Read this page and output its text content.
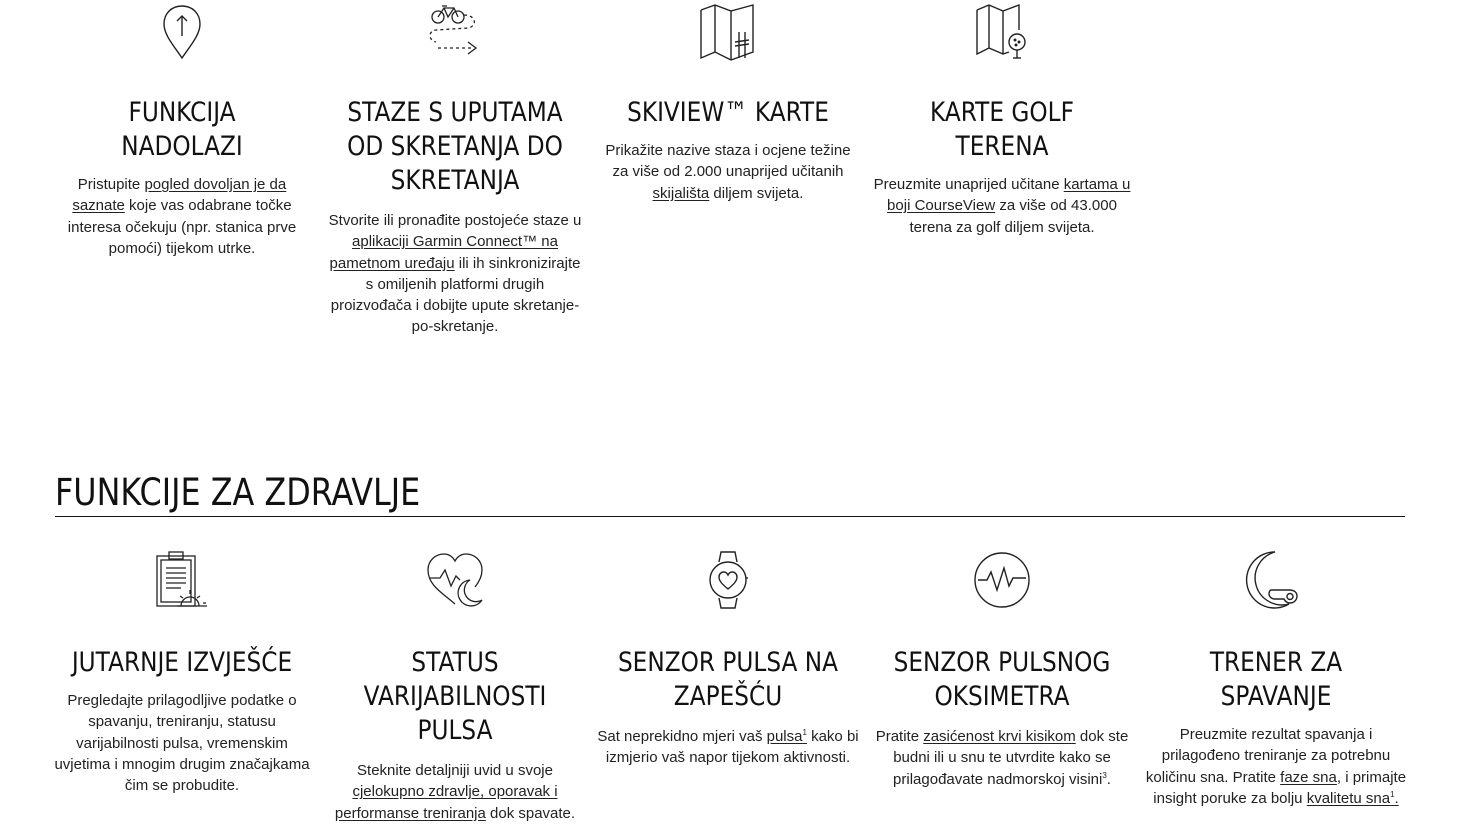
FUNKCIJA NADOLAZI

Pristupite pogled dovoljan je da saznate koje vas odabrane točke interesa očekuju (npr. stanica prve pomoći) tijekom utrke.

STAZE S UPUTAMA OD SKRETANJA DO SKRETANJA

Stvorite ili pronađite postojeće staze u aplikaciji Garmin Connect™ na pametnom uređaju ili ih sinkronizirajte s omiljenih platformi drugih proizvođača i dobijte upute skretanje-po-skretanje.

SKIVIEW™ KARTE

Prikažite nazive staza i ocjene težine za više od 2.000 unaprijed učitanih skijališta diljem svijeta.

KARTE GOLF TERENA

Preuzmite unaprijed učitane kartama u boji CourseView za više od 43.000 terena za golf diljem svijeta.

FUNKCIJE ZA ZDRAVLJE
JUTARNJE IZVJEŠĆE

Pregledajte prilagodljive podatke o spavanju, treniranju, statusu varijabilnosti pulsa, vremenskim uvjetima i mnogim drugim značajkama čim se probudite.

STATUS VARIJABILNOSTI PULSA

Steknite detaljniji uvid u svoje cjelokupno zdravlje, oporavak i performanse treniranja dok spavate.

SENZOR PULSA NA ZAPEŠĆU

Sat neprekidno mjeri vaš pulsa$^1$ kako bi izmjerio vaš napor tijekom aktivnosti.

SENZOR PULSNOG OKSIMETRA

Pratite zasićenost krvi kisikom dok ste budni ili u snu te utvrdite kako se prilagođavate nadmorskoj visini$^3$.

TRENER ZA SPAVANJE

Preuzmite rezultat spavanja i prilagođeno treniranje za potrebnu količinu sna. Pratite faze sna, i primajte insight poruke za bolju kvalitetu sna$^1$.
